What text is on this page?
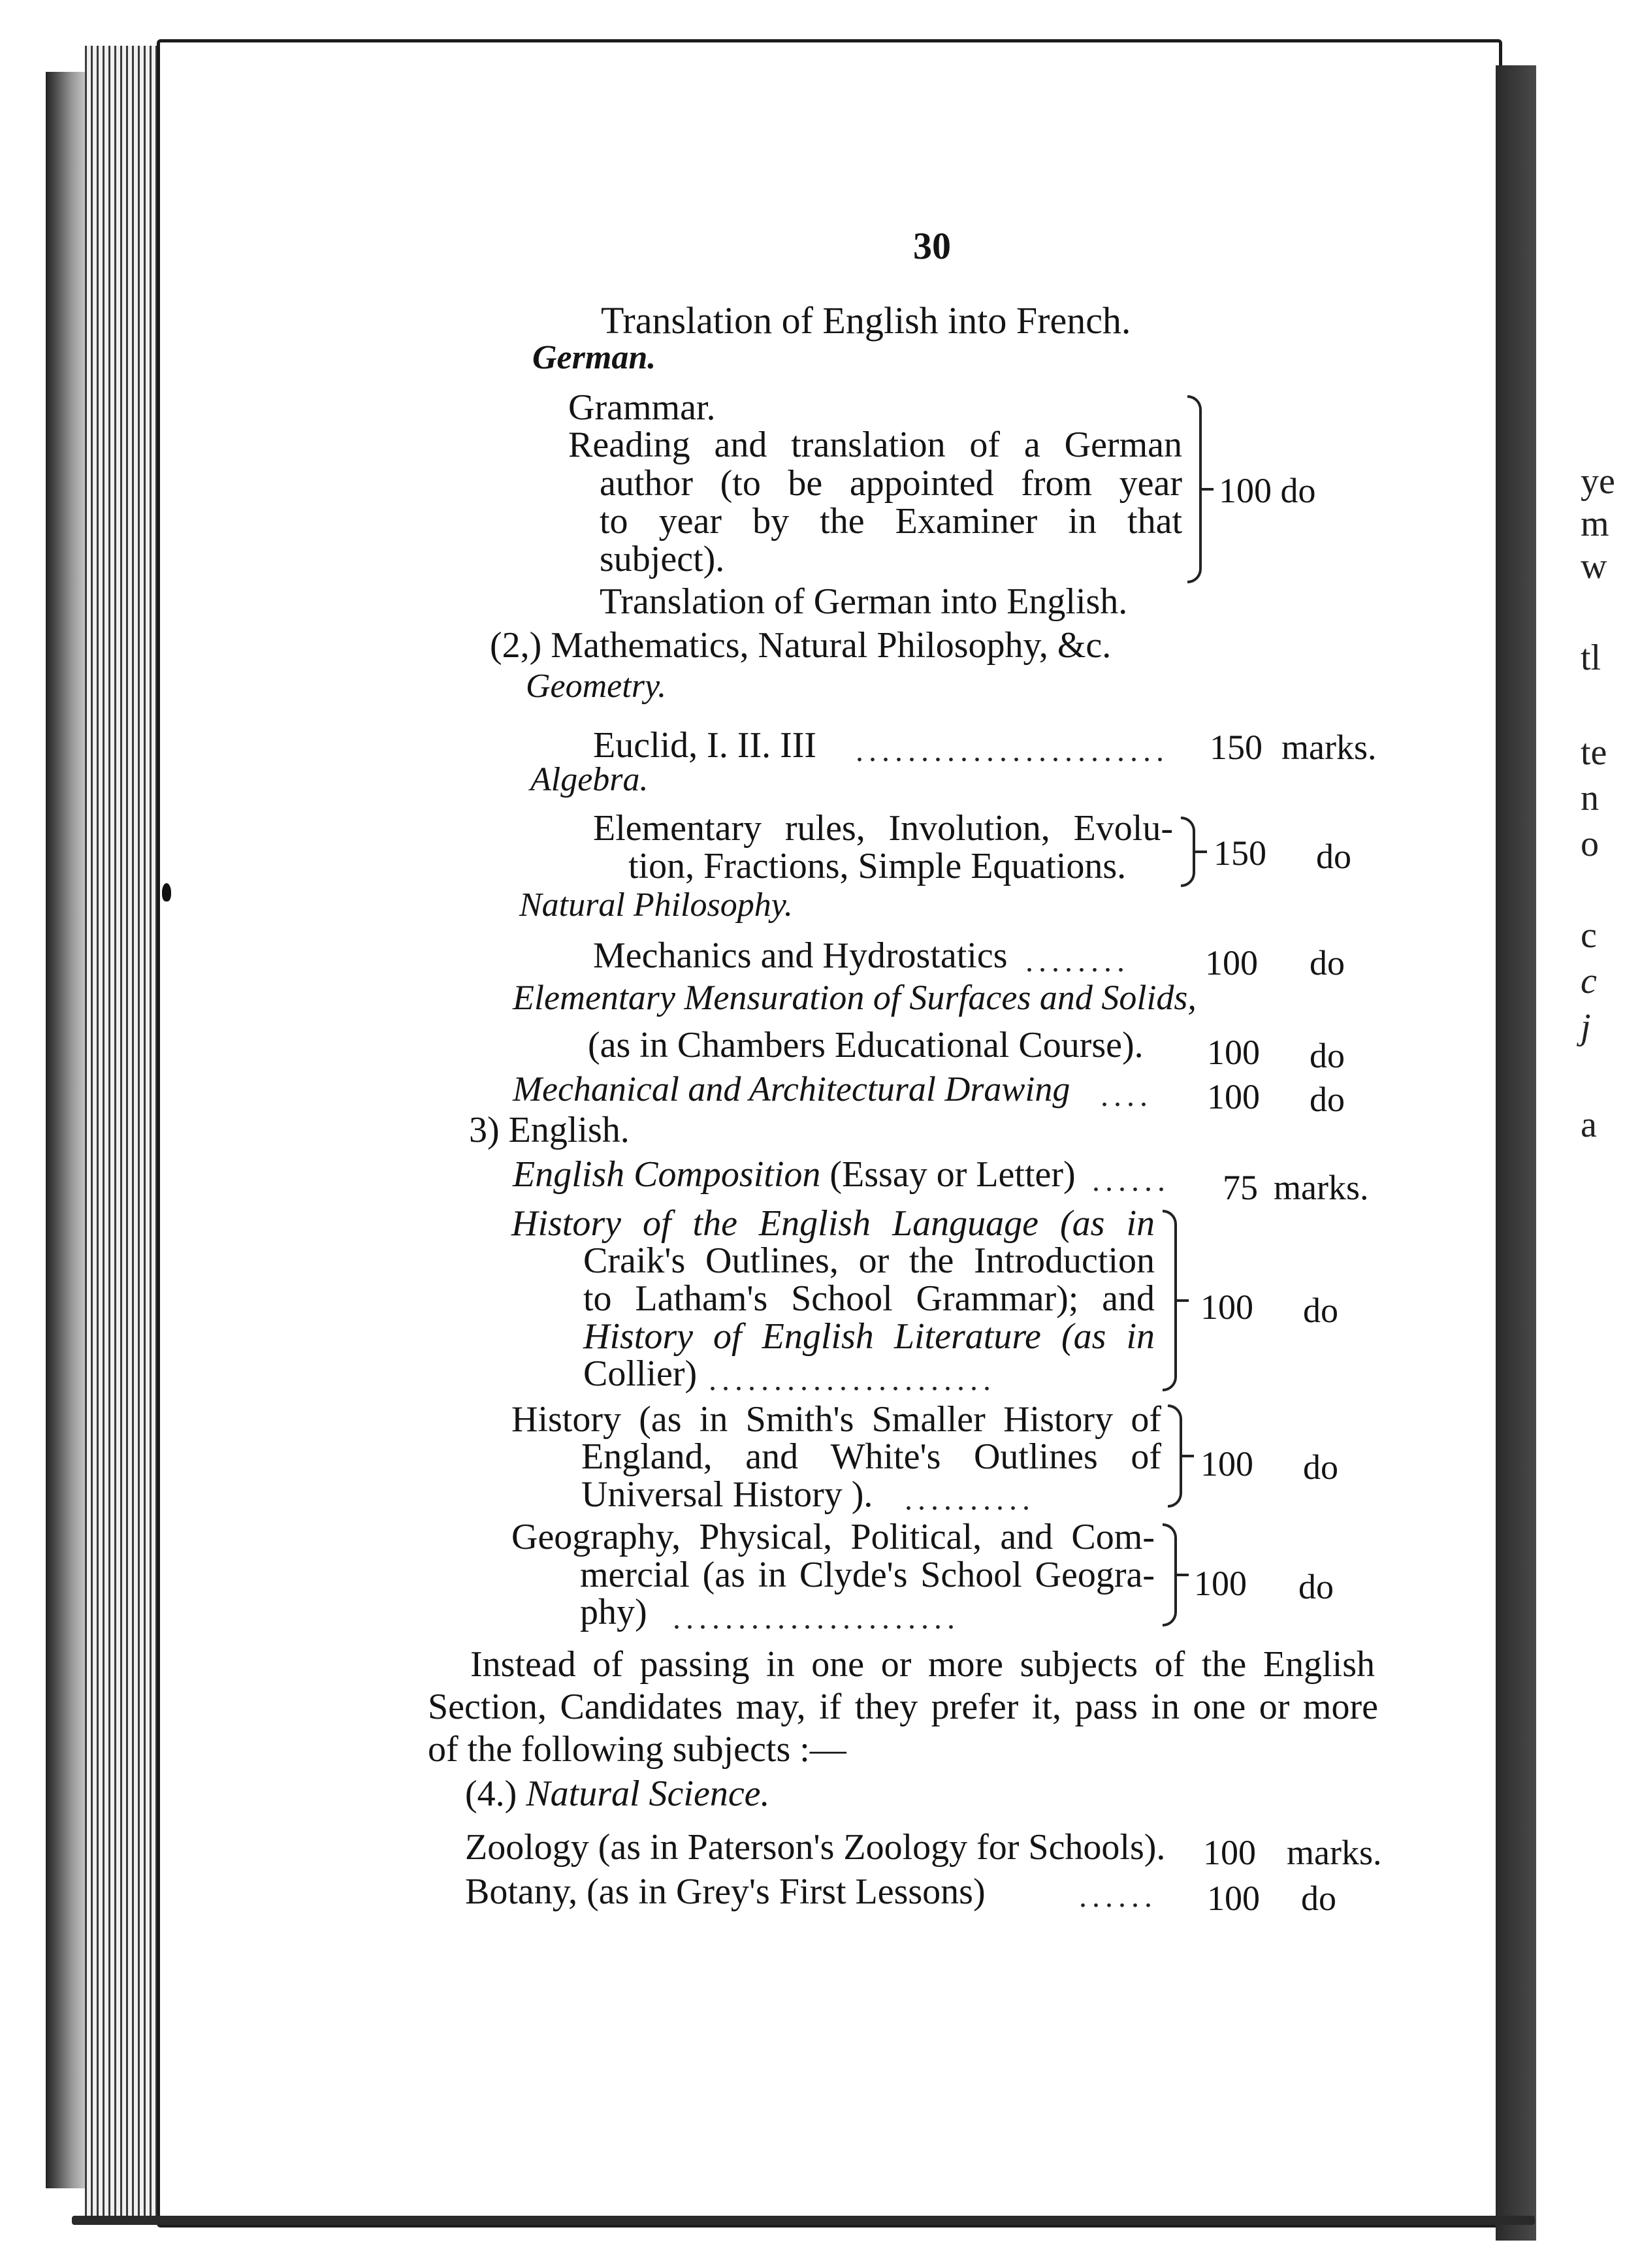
ye
m
w
tl
te
n
o
c
c
j
a
30
Translation of English into French.
German.
Grammar.
Reading and translation of a German
author (to be appointed from year
to year by the Examiner in that
subject).
100 do
Translation of German into English.
(2,) Mathematics, Natural Philosophy, &c.
Geometry.
Euclid, I. II. III ........................ 150 marks.
Algebra.
Elementary rules, Involution, Evolu-
tion, Fractions, Simple Equations. 150 do
Natural Philosophy.
Mechanics and Hydrostatics ........ 100 do
Elementary Mensuration of Surfaces and Solids,
(as in Chambers Educational Course). 100 do
Mechanical and Architectural Drawing .... 100 do
3) English.
English Composition (Essay or Letter) ...... 75 marks.
History of the English Language (as in
Craik's Outlines, or the Introduction
to Latham's School Grammar); and
History of English Literature (as in
Collier) ......................
100 do
History (as in Smith's Smaller History of
England, and White's Outlines of
Universal History ). ..........
100 do
Geography, Physical, Political, and Com-
mercial (as in Clyde's School Geogra-
phy) ......................
100 do
Instead of passing in one or more subjects of the English
Section, Candidates may, if they prefer it, pass in one or more
of the following subjects :—
(4.) Natural Science.
Zoology (as in Paterson's Zoology for Schools). 100 marks.
Botany, (as in Grey's First Lessons)	...... 100 do
